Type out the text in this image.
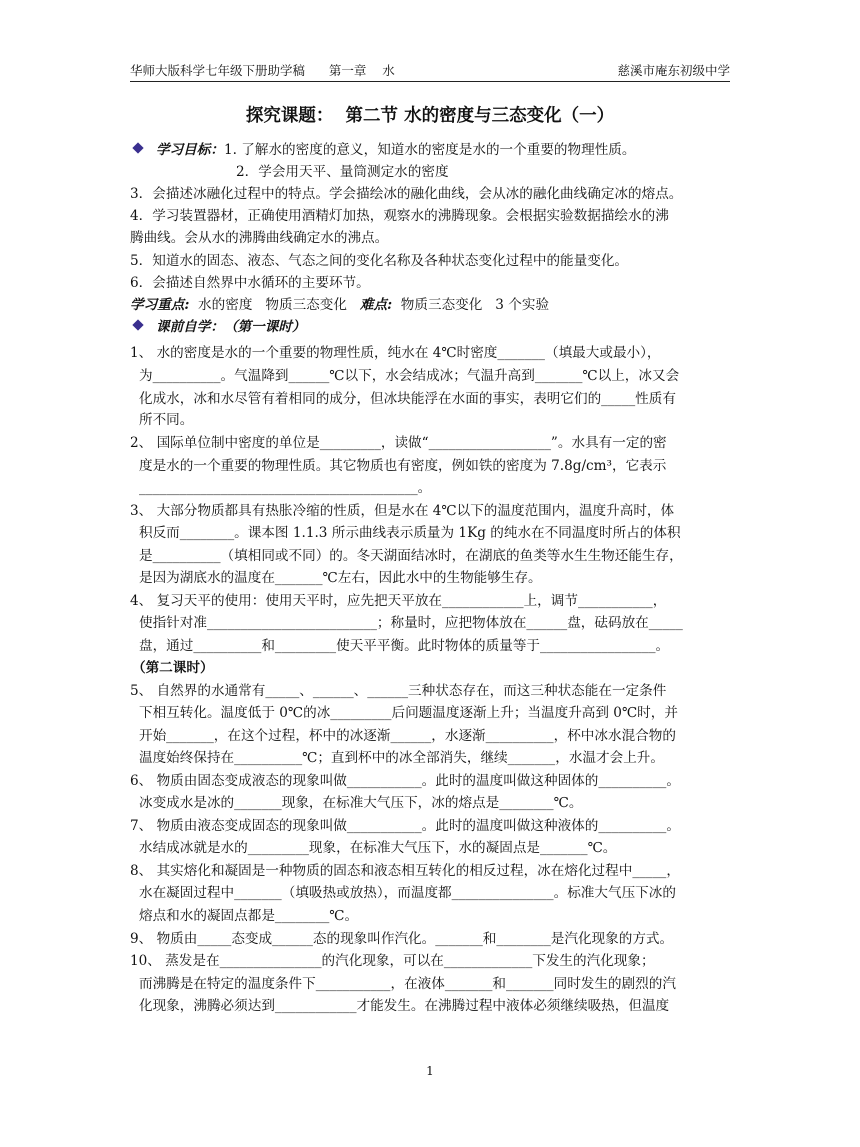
华师大版科学七年级下册助学稿      第一章    水	慈溪市庵东初级中学
探究课题：  第二节 水的密度与三态变化（一）
学习目标：1. 了解水的密度的意义，知道水的密度是水的一个重要的物理性质。
2．学会用天平、量筒测定水的密度
3．会描述冰融化过程中的特点。学会描绘冰的融化曲线，会从冰的融化曲线确定冰的熔点。
4．学习装置器材，正确使用酒精灯加热，观察水的沸腾现象。会根据实验数据描绘水的沸
腾曲线。会从水的沸腾曲线确定水的沸点。
5．知道水的固态、液态、气态之间的变化名称及各种状态变化过程中的能量变化。
6．会描述自然界中水循环的主要环节。
学习重点:  水的密度   物质三态变化   难点:  物质三态变化   3 个实验
课前自学：（第一课时）
1、 水的密度是水的一个重要的物理性质，纯水在 4℃时密度_______（填最大或最小），
为__________。气温降到______℃以下，水会结成冰；气温升高到_______℃以上，冰又会
化成水，冰和水尽管有着相同的成分，但冰块能浮在水面的事实，表明它们的_____性质有
所不同。
2、 国际单位制中密度的单位是_________，读做“__________________”。水具有一定的密
度是水的一个重要的物理性质。其它物质也有密度，例如铁的密度为 7.8g/cm³，它表示
_________________________________________。
3、 大部分物质都具有热胀冷缩的性质，但是水在 4℃以下的温度范围内，温度升高时，体
积反而________。课本图 1.1.3 所示曲线表示质量为 1Kg 的纯水在不同温度时所占的体积
是__________（填相同或不同）的。冬天湖面结冰时，在湖底的鱼类等水生生物还能生存，
是因为湖底水的温度在_______℃左右，因此水中的生物能够生存。
4、 复习天平的使用：使用天平时，应先把天平放在____________上，调节___________，
使指针对准_________________________；称量时，应把物体放在______盘，砝码放在_____
盘，通过__________和_________使天平平衡。此时物体的质量等于_________________。
（第二课时）
5、 自然界的水通常有_____、______、______三种状态存在，而这三种状态能在一定条件
下相互转化。温度低于 0℃的冰_________后问题温度逐渐上升；当温度升高到 0℃时，并
开始_______，在这个过程，杯中的冰逐渐______，水逐渐__________，杯中冰水混合物的
温度始终保持在__________℃；直到杯中的冰全部消失，继续_______，水温才会上升。
6、 物质由固态变成液态的现象叫做___________。此时的温度叫做这种固体的__________。
冰变成水是冰的_______现象，在标准大气压下，冰的熔点是________℃。
7、 物质由液态变成固态的现象叫做___________。此时的温度叫做这种液体的__________。
水结成冰就是水的_________现象，在标准大气压下，水的凝固点是_______℃。
8、 其实熔化和凝固是一种物质的固态和液态相互转化的相反过程，冰在熔化过程中_____，
水在凝固过程中_______（填吸热或放热），而温度都_______________。标准大气压下冰的
熔点和水的凝固点都是________℃。
9、 物质由_____态变成______态的现象叫作汽化。_______和________是汽化现象的方式。
10、 蒸发是在_______________的汽化现象，可以在_____________下发生的汽化现象；
而沸腾是在特定的温度条件下___________，在液体_______和_______同时发生的剧烈的汽
化现象，沸腾必须达到____________才能发生。在沸腾过程中液体必须继续吸热，但温度
1
